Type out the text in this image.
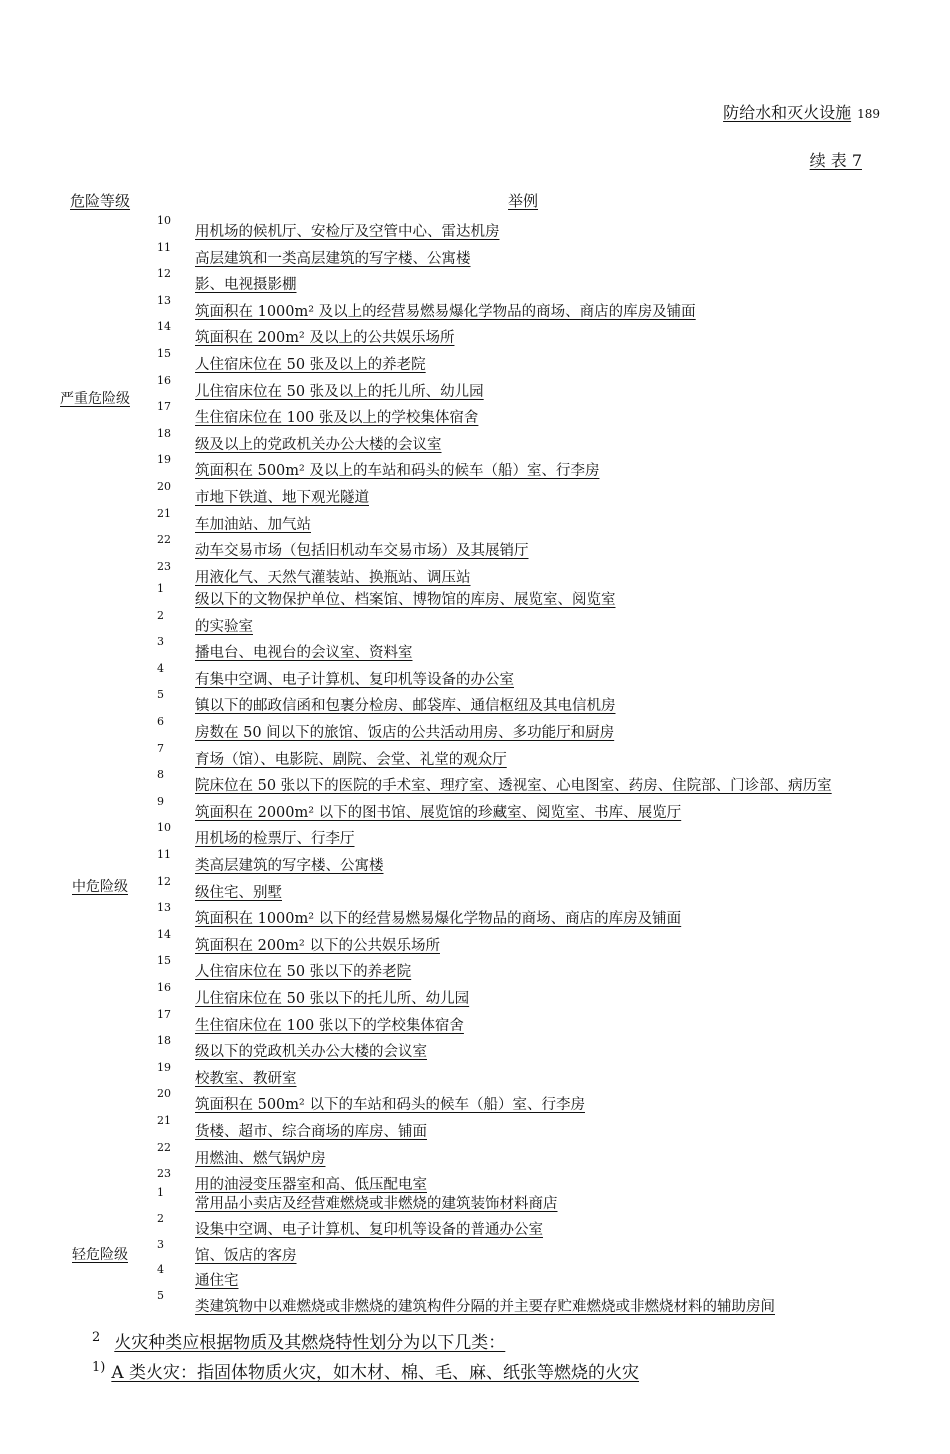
防给水和灭火设施 189
续 表 7
危险等级	举例
严重危险级
中危险级
轻危险级
10
用机场的候机厅、安检厅及空管中心、雷达机房
11
高层建筑和一类高层建筑的写字楼、公寓楼
12
影、电视摄影棚
13
筑面积在 1000m² 及以上的经营易燃易爆化学物品的商场、商店的库房及铺面
14
筑面积在 200m² 及以上的公共娱乐场所
15
人住宿床位在 50 张及以上的养老院
16
儿住宿床位在 50 张及以上的托儿所、幼儿园
17
生住宿床位在 100 张及以上的学校集体宿舍
18
级及以上的党政机关办公大楼的会议室
19
筑面积在 500m² 及以上的车站和码头的候车（船）室、行李房
20
市地下铁道、地下观光隧道
21
车加油站、加气站
22
动车交易市场（包括旧机动车交易市场）及其展销厅
23
用液化气、天然气灌装站、换瓶站、调压站
1
级以下的文物保护单位、档案馆、博物馆的库房、展览室、阅览室
2
的实验室
3
播电台、电视台的会议室、资料室
4
有集中空调、电子计算机、复印机等设备的办公室
5
镇以下的邮政信函和包裹分检房、邮袋库、通信枢纽及其电信机房
6
房数在 50 间以下的旅馆、饭店的公共活动用房、多功能厅和厨房
7
育场（馆）、电影院、剧院、会堂、礼堂的观众厅
8
院床位在 50 张以下的医院的手术室、理疗室、透视室、心电图室、药房、住院部、门诊部、病历室
9
筑面积在 2000m² 以下的图书馆、展览馆的珍藏室、阅览室、书库、展览厅
10
用机场的检票厅、行李厅
11
类高层建筑的写字楼、公寓楼
12
级住宅、别墅
13
筑面积在 1000m² 以下的经营易燃易爆化学物品的商场、商店的库房及铺面
14
筑面积在 200m² 以下的公共娱乐场所
15
人住宿床位在 50 张以下的养老院
16
儿住宿床位在 50 张以下的托儿所、幼儿园
17
生住宿床位在 100 张以下的学校集体宿舍
18
级以下的党政机关办公大楼的会议室
19
校教室、教研室
20
筑面积在 500m² 以下的车站和码头的候车（船）室、行李房
21
货楼、超市、综合商场的库房、铺面
22
用燃油、燃气锅炉房
23
用的油浸变压器室和高、低压配电室
1
常用品小卖店及经营难燃烧或非燃烧的建筑装饰材料商店
2
设集中空调、电子计算机、复印机等设备的普通办公室
3
馆、饭店的客房
4
通住宅
5
类建筑物中以难燃烧或非燃烧的建筑构件分隔的并主要存贮难燃烧或非燃烧材料的辅助房间
$^2$ 火灾种类应根据物质及其燃烧特性划分为以下几类：
$^{1)}$ A 类火灾：指固体物质火灾，如木材、棉、毛、麻、纸张等燃烧的火灾
